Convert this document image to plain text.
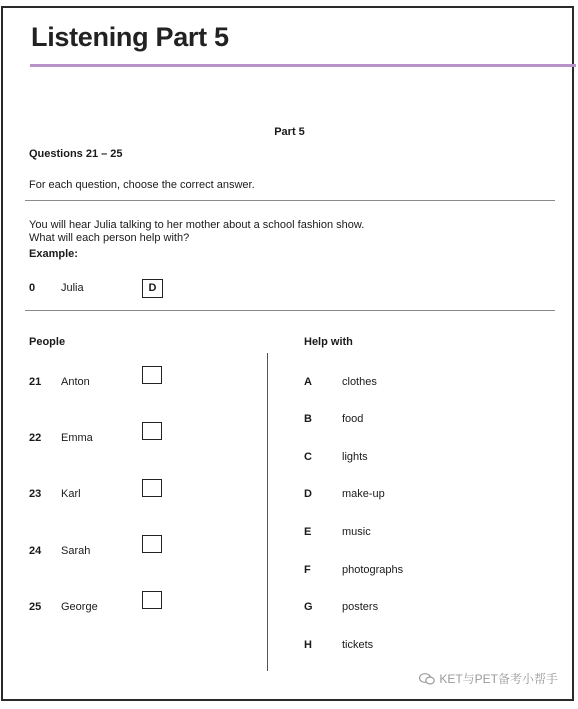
Listening Part 5
Part 5
Questions 21 – 25
For each question, choose the correct answer.
You will hear Julia talking to her mother about a school fashion show.
What will each person help with?
Example:
0 Julia	D
People	Help with
21 Anton
22 Emma
23 Karl
24 Sarah
25 George
A	clothes
B	food
C	lights
D	make-up
E	music
F	photographs
G	posters
H	tickets
KET与PET备考小帮手
